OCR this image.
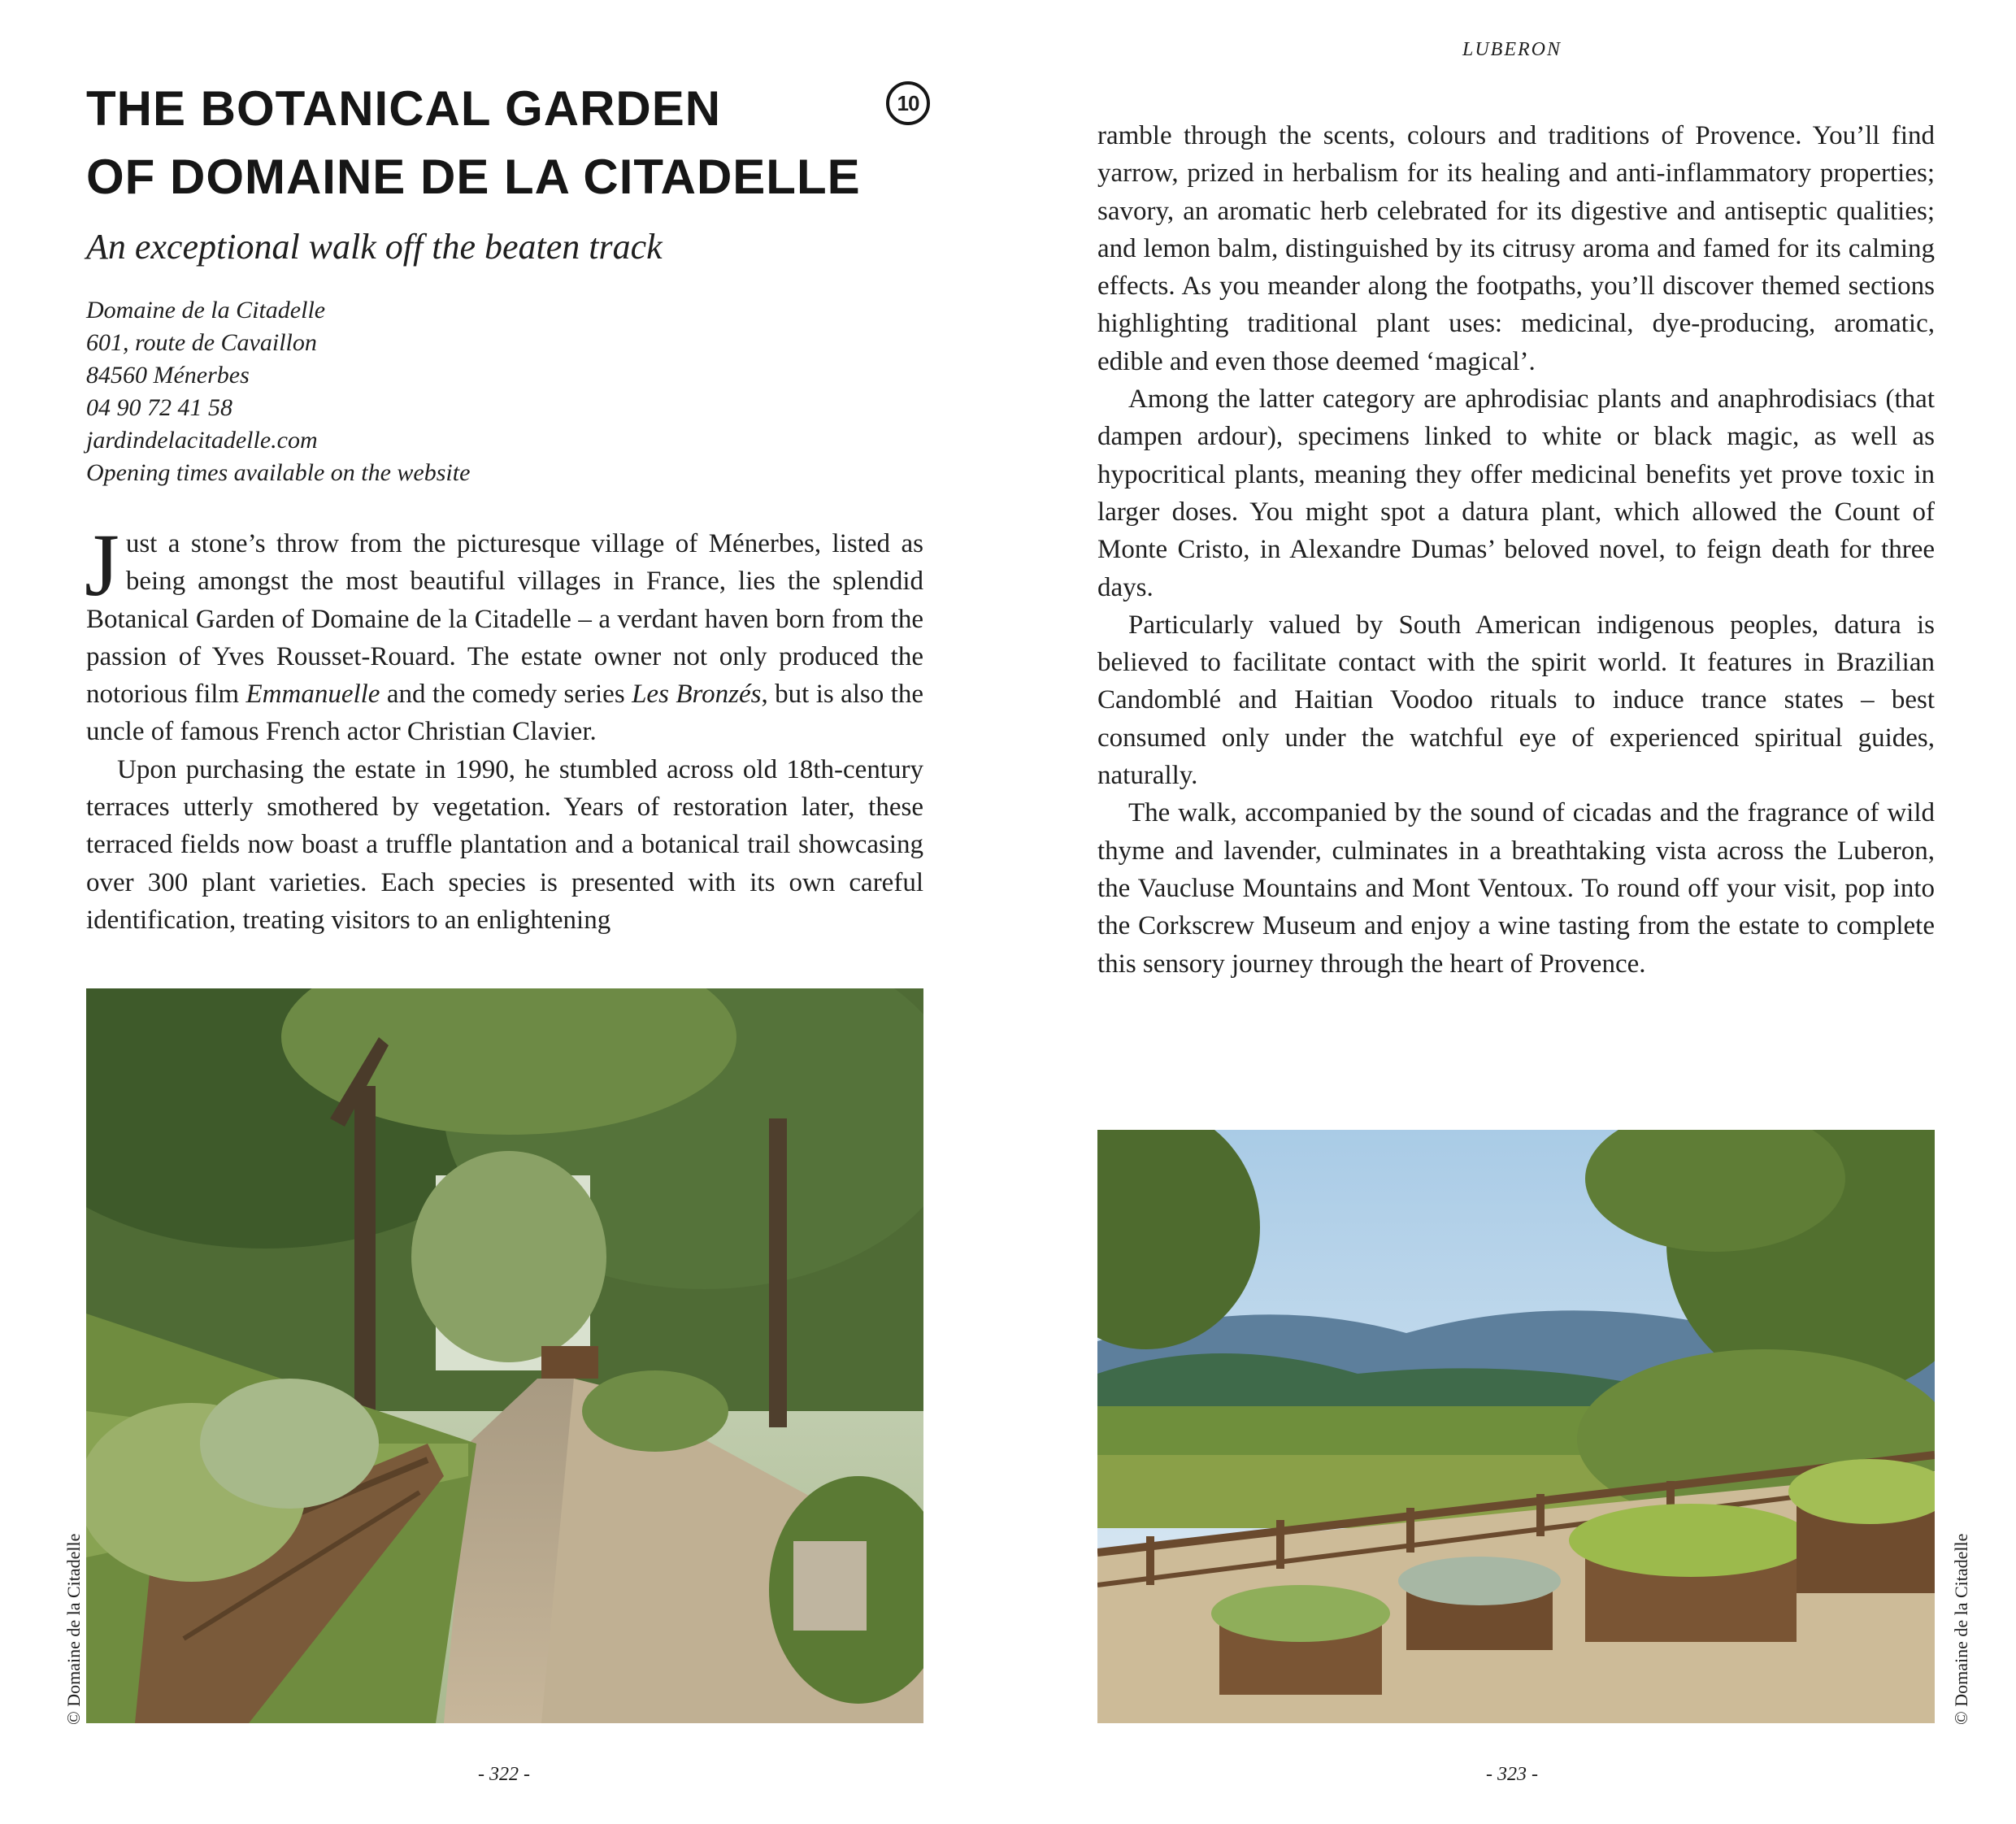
THE BOTANICAL GARDEN
OF DOMAINE DE LA CITADELLE
10
An exceptional walk off the beaten track
Domaine de la Citadelle
601, route de Cavaillon
84560 Ménerbes
04 90 72 41 58
jardindelacitadelle.com
Opening times available on the website

Just a stone’s throw from the picturesque village of Ménerbes, listed as being amongst the most beautiful villages in France, lies the splendid Botanical Garden of Domaine de la Citadelle – a verdant haven born from the passion of Yves Rousset-Rouard. The estate owner not only produced the notorious film Emmanuelle and the comedy series Les Bronzés, but is also the uncle of famous French actor Christian Clavier.

Upon purchasing the estate in 1990, he stumbled across old 18th-century terraces utterly smothered by vegetation. Years of restoration later, these terraced fields now boast a truffle plantation and a botanical trail showcasing over 300 plant varieties. Each species is presented with its own careful identification, treating visitors to an enlightening

© Domaine de la Citadelle
- 322 -
LUBERON

ramble through the scents, colours and traditions of Provence. You’ll find yarrow, prized in herbalism for its healing and anti-inflammatory properties; savory, an aromatic herb celebrated for its digestive and antiseptic qualities; and lemon balm, distinguished by its citrusy aroma and famed for its calming effects. As you meander along the footpaths, you’ll discover themed sections highlighting traditional plant uses: medicinal, dye-producing, aromatic, edible and even those deemed ‘magical’.

Among the latter category are aphrodisiac plants and anaphrodisiacs (that dampen ardour), specimens linked to white or black magic, as well as hypocritical plants, meaning they offer medicinal benefits yet prove toxic in larger doses. You might spot a datura plant, which allowed the Count of Monte Cristo, in Alexandre Dumas’ beloved novel, to feign death for three days.

Particularly valued by South American indigenous peoples, datura is believed to facilitate contact with the spirit world. It features in Brazilian Candomblé and Haitian Voodoo rituals to induce trance states – best consumed only under the watchful eye of experienced spiritual guides, naturally.

The walk, accompanied by the sound of cicadas and the fragrance of wild thyme and lavender, culminates in a breathtaking vista across the Luberon, the Vaucluse Mountains and Mont Ventoux. To round off your visit, pop into the Corkscrew Museum and enjoy a wine tasting from the estate to complete this sensory journey through the heart of Provence.

© Domaine de la Citadelle
- 323 -
